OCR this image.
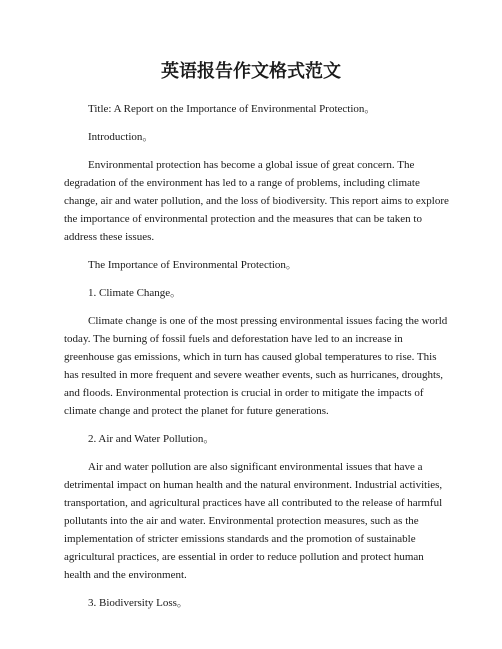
英语报告作文格式范文

Title: A Report on the Importance of Environmental Protection。

Introduction。

Environmental protection has become a global issue of great concern. The degradation of the environment has led to a range of problems, including climate change, air and water pollution, and the loss of biodiversity. This report aims to explore the importance of environmental protection and the measures that can be taken to address these issues.

The Importance of Environmental Protection。

1. Climate Change。

Climate change is one of the most pressing environmental issues facing the world today. The burning of fossil fuels and deforestation have led to an increase in greenhouse gas emissions, which in turn has caused global temperatures to rise. This has resulted in more frequent and severe weather events, such as hurricanes, droughts, and floods. Environmental protection is crucial in order to mitigate the impacts of climate change and protect the planet for future generations.

2. Air and Water Pollution。

Air and water pollution are also significant environmental issues that have a detrimental impact on human health and the natural environment. Industrial activities, transportation, and agricultural practices have all contributed to the release of harmful pollutants into the air and water. Environmental protection measures, such as the implementation of stricter emissions standards and the promotion of sustainable agricultural practices, are essential in order to reduce pollution and protect human health and the environment.

3. Biodiversity Loss。
